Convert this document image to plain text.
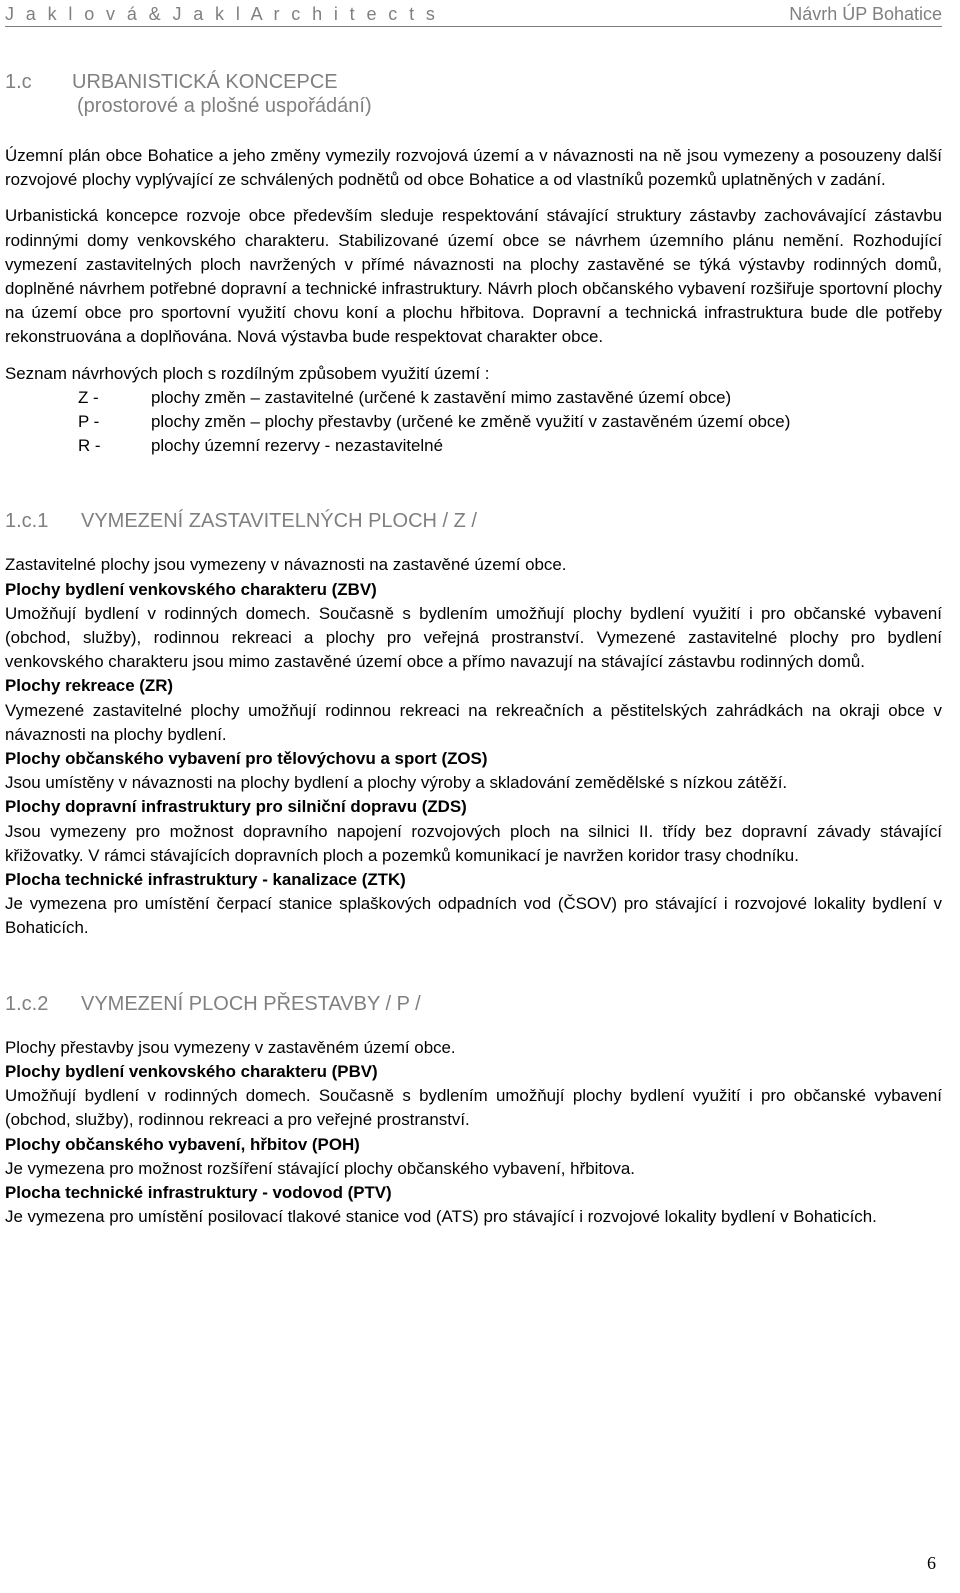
J a k l o v á & J a k l A r c h i t e c t s	Návrh ÚP Bohatice
1.c URBANISTICKÁ KONCEPCE
(prostorové a plošné uspořádání)

Územní plán obce Bohatice a jeho změny vymezily rozvojová území a v návaznosti na ně jsou vymezeny a posouzeny další rozvojové plochy vyplývající ze schválených podnětů od obce Bohatice a od vlastníků pozemků uplatněných v zadání.

Urbanistická koncepce rozvoje obce především sleduje respektování stávající struktury zástavby zachovávající zástavbu rodinnými domy venkovského charakteru. Stabilizované území obce se návrhem územního plánu nemění. Rozhodující vymezení zastavitelných ploch navržených v přímé návaznosti na plochy zastavěné se týká výstavby rodinných domů, doplněné návrhem potřebné dopravní a technické infrastruktury. Návrh ploch občanského vybavení rozšiřuje sportovní plochy na území obce pro sportovní využití chovu koní a plochu hřbitova. Dopravní a technická infrastruktura bude dle potřeby rekonstruována a doplňována. Nová výstavba bude respektovat charakter obce.

Seznam návrhových ploch s rozdílným způsobem využití území :

Z -	plochy změn – zastavitelné (určené k zastavění mimo zastavěné území obce)
P -	plochy změn – plochy přestavby (určené ke změně využití v zastavěném území obce)
R -	plochy územní rezervy - nezastavitelné
1.c.1 VYMEZENÍ ZASTAVITELNÝCH PLOCH / Z /

Zastavitelné plochy jsou vymezeny v návaznosti na zastavěné území obce.

Plochy bydlení venkovského charakteru (ZBV)

Umožňují bydlení v rodinných domech. Současně s bydlením umožňují plochy bydlení využití i pro občanské vybavení (obchod, služby), rodinnou rekreaci a plochy pro veřejná prostranství. Vymezené zastavitelné plochy pro bydlení venkovského charakteru jsou mimo zastavěné území obce a přímo navazují na stávající zástavbu rodinných domů.

Plochy rekreace (ZR)

Vymezené zastavitelné plochy umožňují rodinnou rekreaci na rekreačních a pěstitelských zahrádkách na okraji obce v návaznosti na plochy bydlení.

Plochy občanského vybavení pro tělovýchovu a sport (ZOS)

Jsou umístěny v návaznosti na plochy bydlení a plochy výroby a skladování zemědělské s nízkou zátěží.

Plochy dopravní infrastruktury pro silniční dopravu (ZDS)

Jsou vymezeny pro možnost dopravního napojení rozvojových ploch na silnici II. třídy bez dopravní závady stávající křižovatky. V rámci stávajících dopravních ploch a pozemků komunikací je navržen koridor trasy chodníku.

Plocha technické infrastruktury - kanalizace (ZTK)

Je vymezena pro umístění čerpací stanice splaškových odpadních vod (ČSOV) pro stávající i rozvojové lokality bydlení v Bohaticích.

1.c.2 VYMEZENÍ PLOCH PŘESTAVBY / P /

Plochy přestavby jsou vymezeny v zastavěném území obce.

Plochy bydlení venkovského charakteru (PBV)

Umožňují bydlení v rodinných domech. Současně s bydlením umožňují plochy bydlení využití i pro občanské vybavení (obchod, služby), rodinnou rekreaci a pro veřejné prostranství.

Plochy občanského vybavení, hřbitov (POH)

Je vymezena pro možnost rozšíření stávající plochy občanského vybavení, hřbitova.

Plocha technické infrastruktury - vodovod (PTV)

Je vymezena pro umístění posilovací tlakové stanice vod (ATS) pro stávající i rozvojové lokality bydlení v Bohaticích.

6
